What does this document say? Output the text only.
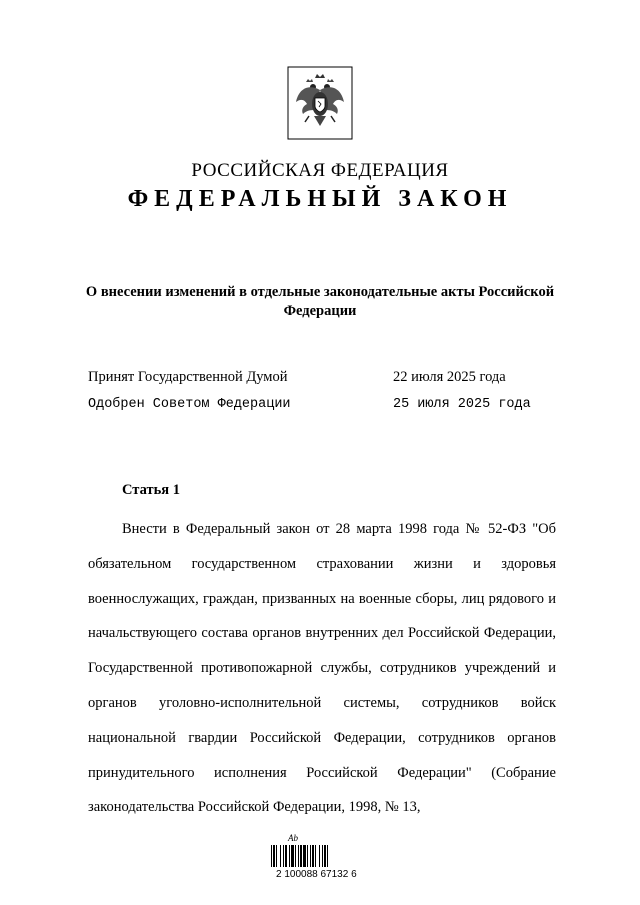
РОССИЙСКАЯ ФЕДЕРАЦИЯ
ФЕДЕРАЛЬНЫЙ ЗАКОН
О внесении изменений в отдельные законодательные акты Российской Федерации
Принят Государственной Думой	22 июля 2025 года
Одобрен Советом Федерации	25 июля 2025 года
Статья 1
Внести в Федеральный закон от 28 марта 1998 года № 52-ФЗ "Об обязательном государственном страховании жизни и здоровья военнослужащих, граждан, призванных на военные сборы, лиц рядового и начальствующего состава органов внутренних дел Российской Федерации, Государственной противопожарной службы, сотрудников учреждений и органов уголовно-исполнительной системы, сотрудников войск национальной гвардии Российской Федерации, сотрудников органов принудительного исполнения Российской Федерации" (Собрание законодательства Российской Федерации, 1998, № 13,
Ab
2 100088 67132 6
